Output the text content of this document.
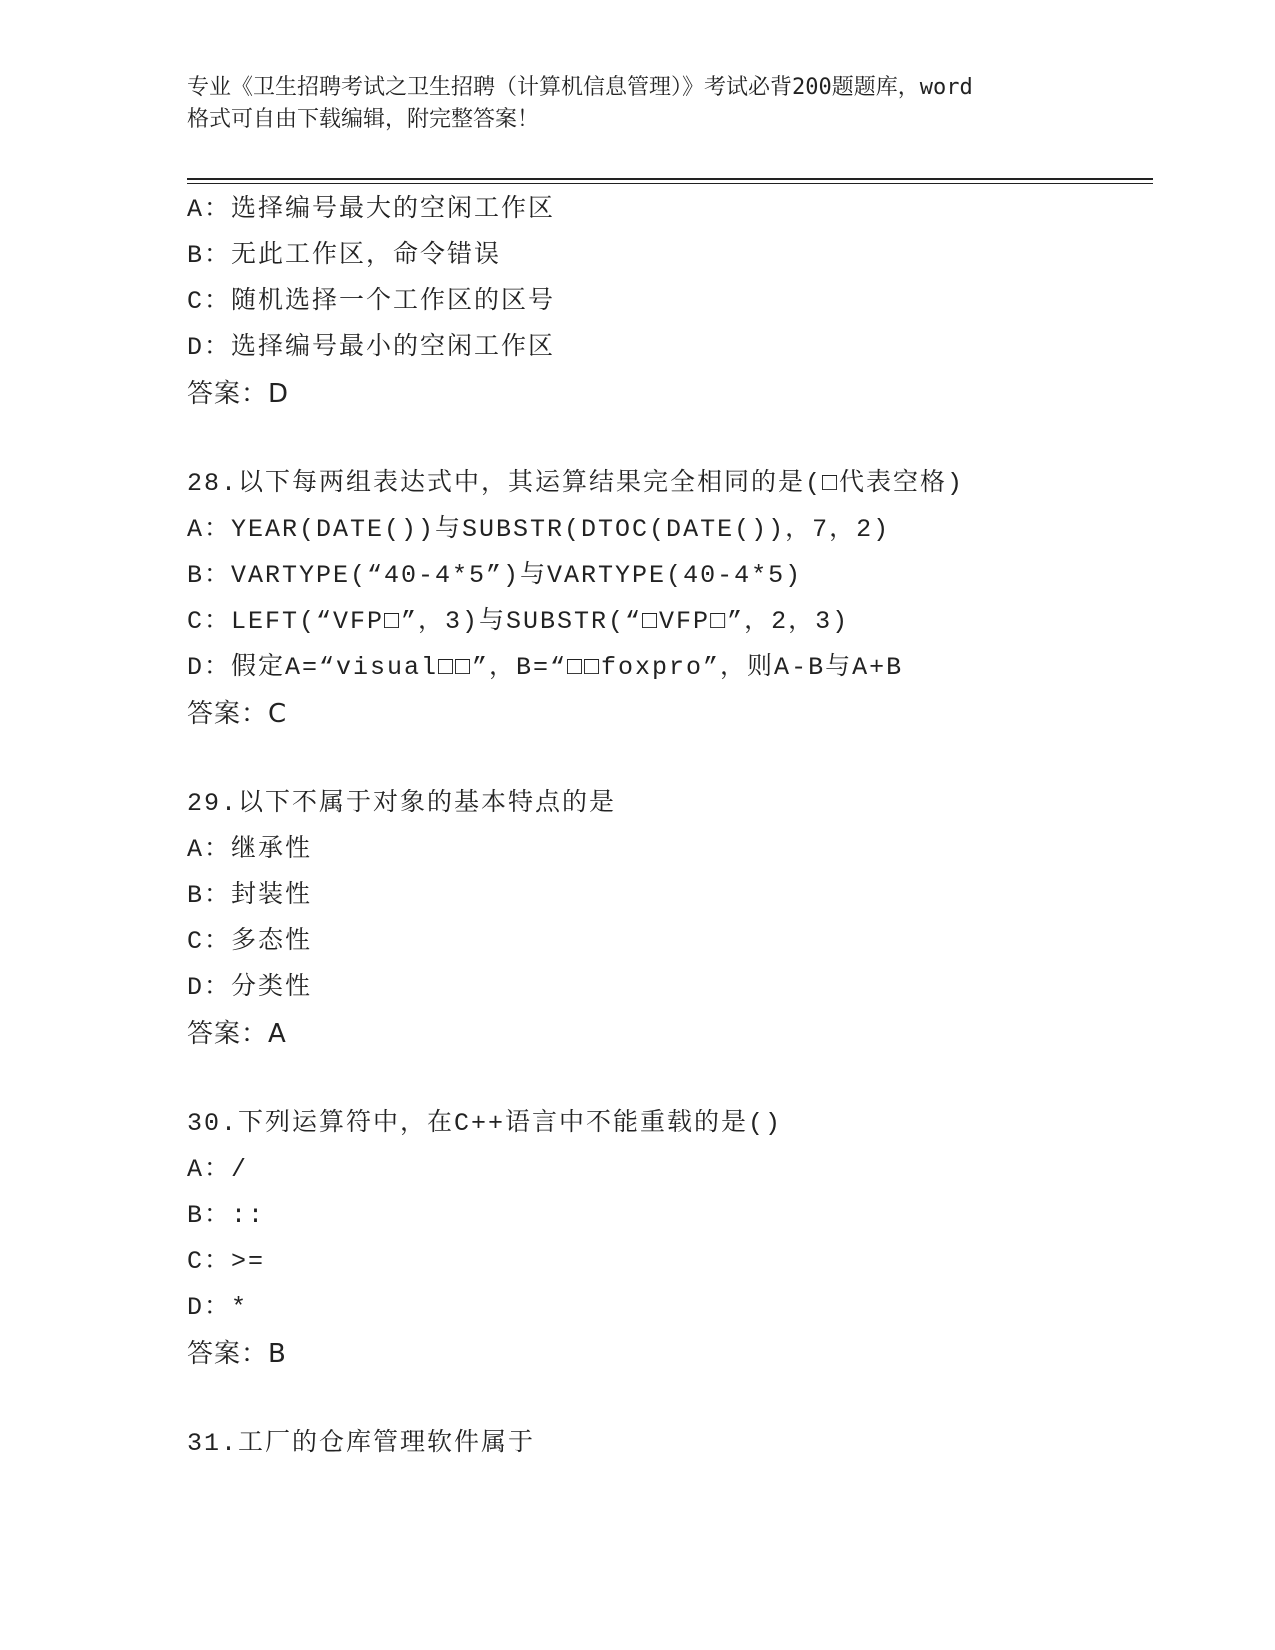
专业《卫生招聘考试之卫生招聘（计算机信息管理）》考试必背200题题库，word
格式可自由下载编辑，附完整答案！
A：选择编号最大的空闲工作区
B：无此工作区，命令错误
C：随机选择一个工作区的区号
D：选择编号最小的空闲工作区
答案：D
28.以下每两组表达式中，其运算结果完全相同的是(□代表空格)
A：YEAR(DATE())与SUBSTR(DTOC(DATE())，7，2)
B：VARTYPE(“40-4*5”)与VARTYPE(40-4*5)
C：LEFT(“VFP□”，3)与SUBSTR(“□VFP□”，2，3)
D：假定A=“visual□□”，B=“□□foxpro”，则A-B与A+B
答案：C
29.以下不属于对象的基本特点的是
A：继承性
B：封装性
C：多态性
D：分类性
答案：A
30.下列运算符中，在C++语言中不能重载的是()
A：/
B：::
C：>=
D：*
答案：B
31.工厂的仓库管理软件属于
